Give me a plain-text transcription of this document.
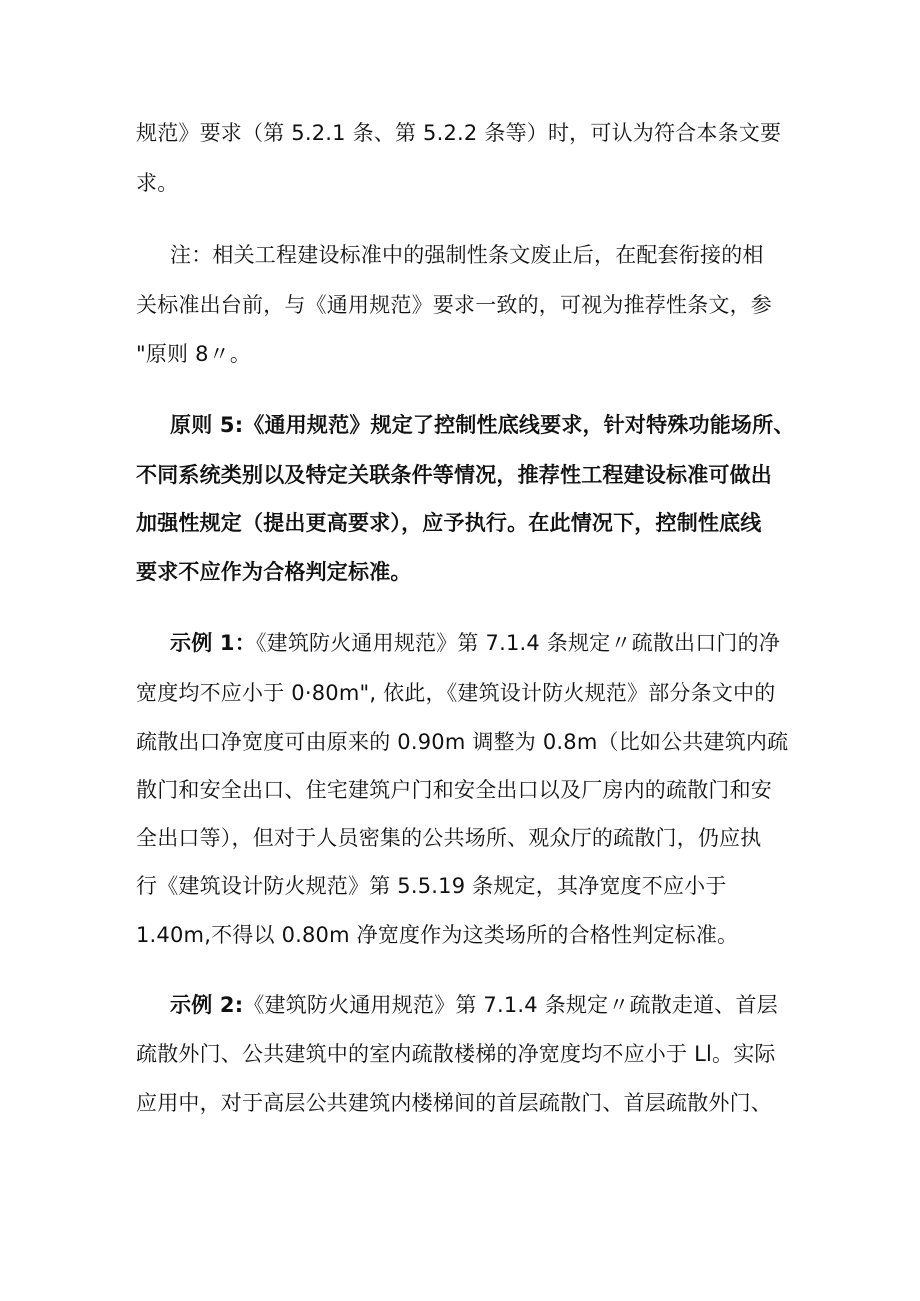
规范》要求（第 5.2.1 条、第 5.2.2 条等）时，可认为符合本条文要
求。
注：相关工程建设标准中的强制性条文废止后，在配套衔接的相
关标准出台前，与《通用规范》要求一致的，可视为推荐性条文，参
"原则 8〃。
原则 5:《通用规范》规定了控制性底线要求，针对特殊功能场所、
不同系统类别以及特定关联条件等情况，推荐性工程建设标准可做出
加强性规定（提出更高要求），应予执行。在此情况下，控制性底线
要求不应作为合格判定标准。
示例 1：《建筑防火通用规范》第 7.1.4 条规定〃疏散出口门的净
宽度均不应小于 0·80m", 依此，《建筑设计防火规范》部分条文中的
疏散出口净宽度可由原来的 0.90m 调整为 0.8m（比如公共建筑内疏
散门和安全出口、住宅建筑户门和安全出口以及厂房内的疏散门和安
全出口等），但对于人员密集的公共场所、观众厅的疏散门，仍应执
行《建筑设计防火规范》第 5.5.19 条规定，其净宽度不应小于
1.40m,不得以 0.80m 净宽度作为这类场所的合格性判定标准。
示例 2:《建筑防火通用规范》第 7.1.4 条规定〃疏散走道、首层
疏散外门、公共建筑中的室内疏散楼梯的净宽度均不应小于 Ll。实际
应用中，对于高层公共建筑内楼梯间的首层疏散门、首层疏散外门、
